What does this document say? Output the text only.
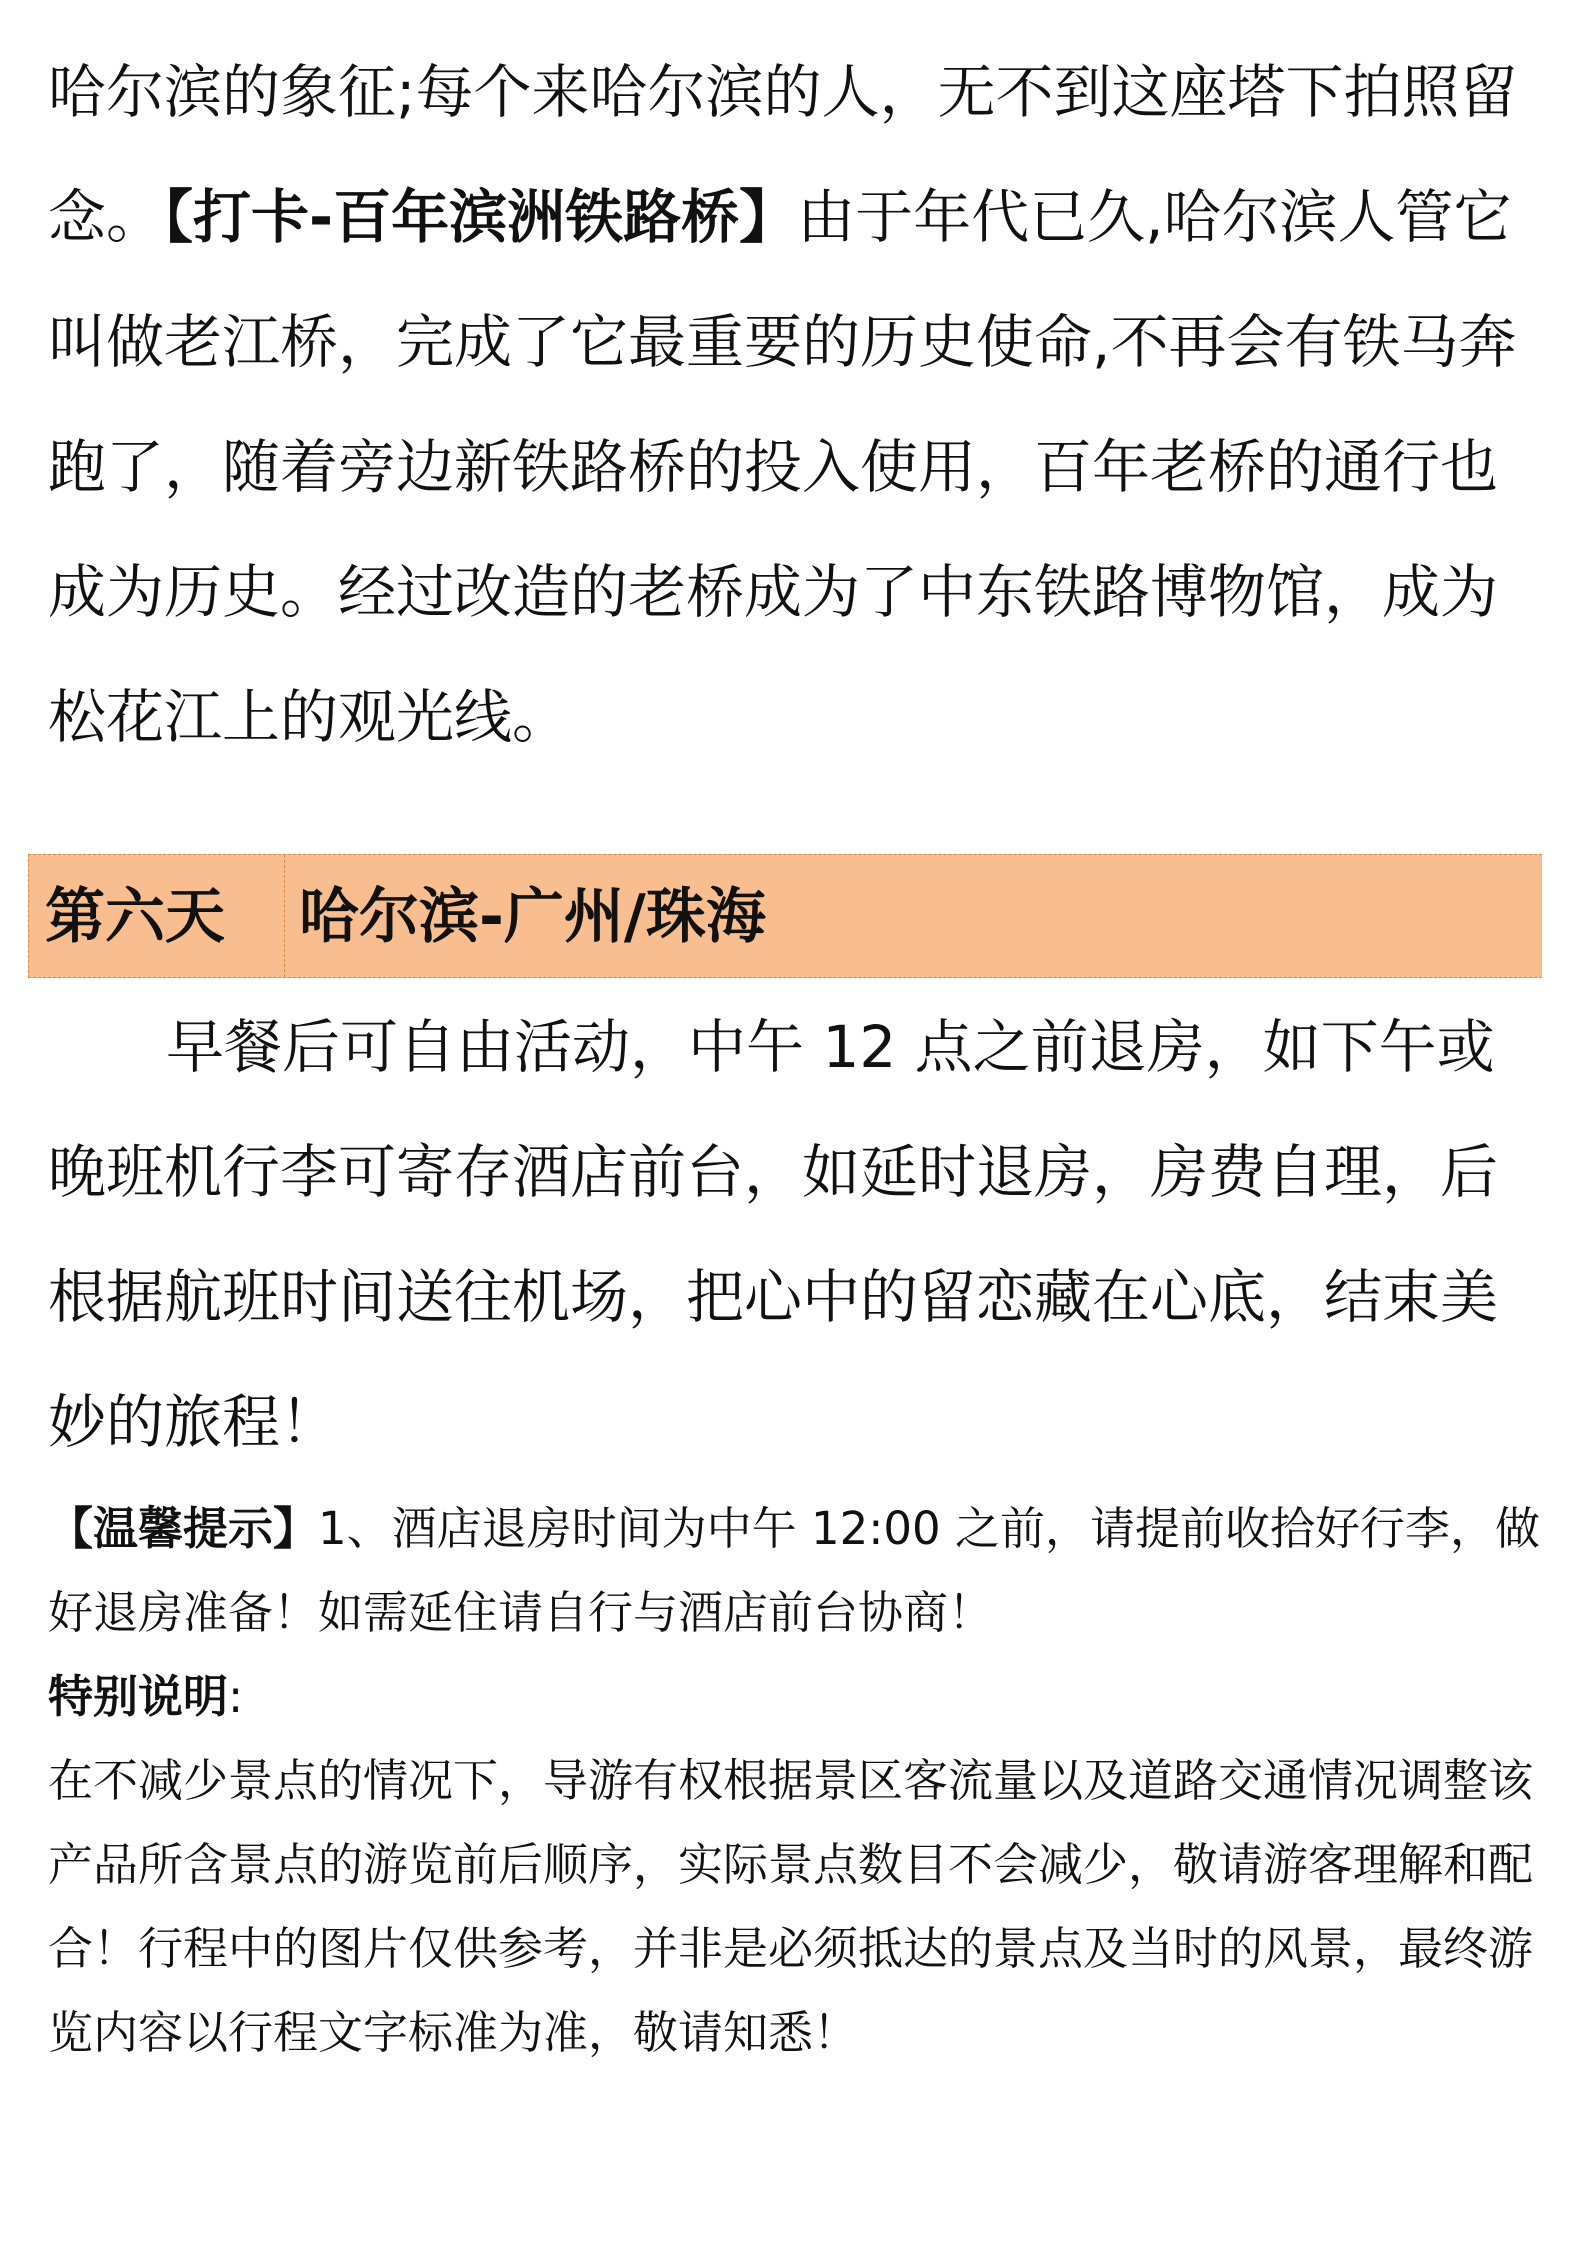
哈尔滨的象征;每个来哈尔滨的人，无不到这座塔下拍照留念。【打卡-百年滨洲铁路桥】由于年代已久,哈尔滨人管它叫做老江桥，完成了它最重要的历史使命,不再会有铁马奔跑了，随着旁边新铁路桥的投入使用，百年老桥的通行也成为历史。经过改造的老桥成为了中东铁路博物馆，成为松花江上的观光线。

第六天 哈尔滨-广州/珠海

早餐后可自由活动，中午 12 点之前退房，如下午或晚班机行李可寄存酒店前台，如延时退房，房费自理，后根据航班时间送往机场，把心中的留恋藏在心底，结束美妙的旅程！

【温馨提示】1、酒店退房时间为中午 12:00 之前，请提前收拾好行李，做好退房准备！如需延住请自行与酒店前台协商！

特别说明:

在不减少景点的情况下，导游有权根据景区客流量以及道路交通情况调整该产品所含景点的游览前后顺序，实际景点数目不会减少，敬请游客理解和配合！行程中的图片仅供参考，并非是必须抵达的景点及当时的风景，最终游览内容以行程文字标准为准，敬请知悉！
